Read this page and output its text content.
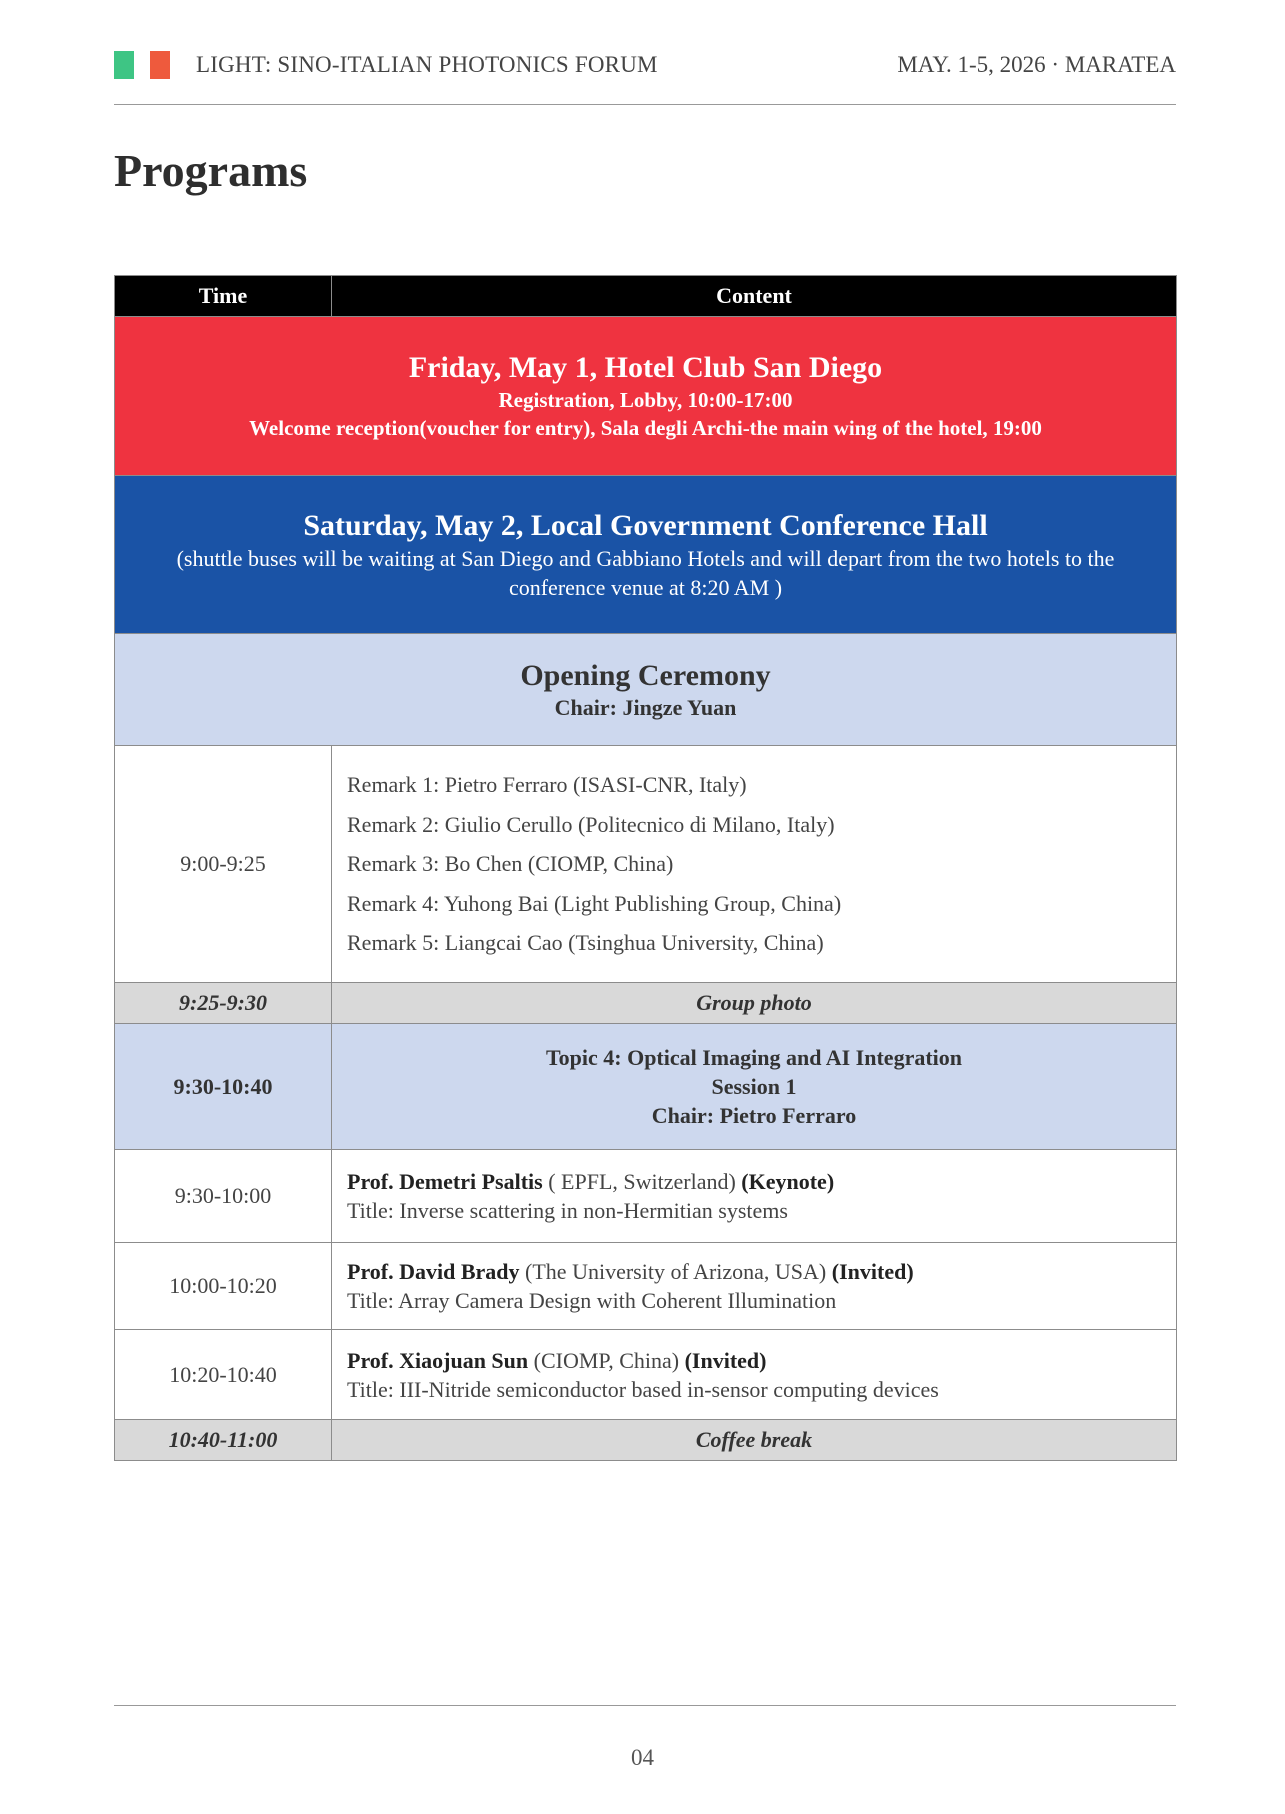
LIGHT: SINO-ITALIAN PHOTONICS FORUM	MAY. 1-5, 2026 · MARATEA
Programs
Time	Content

Friday, May 1, Hotel Club San Diego
Registration, Lobby, 10:00-17:00
Welcome reception(voucher for entry), Sala degli Archi-the main wing of the hotel, 19:00	

Saturday, May 2, Local Government Conference Hall
(shuttle buses will be waiting at San Diego and Gabbiano Hotels and will depart from the two hotels to the conference venue at 8:20 AM )	

Opening Ceremony
Chair: Jingze Yuan	

9:00-9:25	Remark 1: Pietro Ferraro (ISASI-CNR, Italy)
Remark 2: Giulio Cerullo (Politecnico di Milano, Italy)
Remark 3: Bo Chen (CIOMP, China)
Remark 4: Yuhong Bai (Light Publishing Group, China)
Remark 5: Liangcai Cao (Tsinghua University, China)

9:25-9:30	Group photo
9:30-10:40	Topic 4: Optical Imaging and AI Integration
Session 1
Chair: Pietro Ferraro

9:30-10:00	Prof. Demetri Psaltis ( EPFL, Switzerland) (Keynote)
Title: Inverse scattering in non-Hermitian systems

10:00-10:20	Prof. David Brady (The University of Arizona, USA) (Invited)
Title: Array Camera Design with Coherent Illumination

10:20-10:40	Prof. Xiaojuan Sun (CIOMP, China) (Invited)
Title: III-Nitride semiconductor based in-sensor computing devices

10:40-11:00	Coffee break
04
